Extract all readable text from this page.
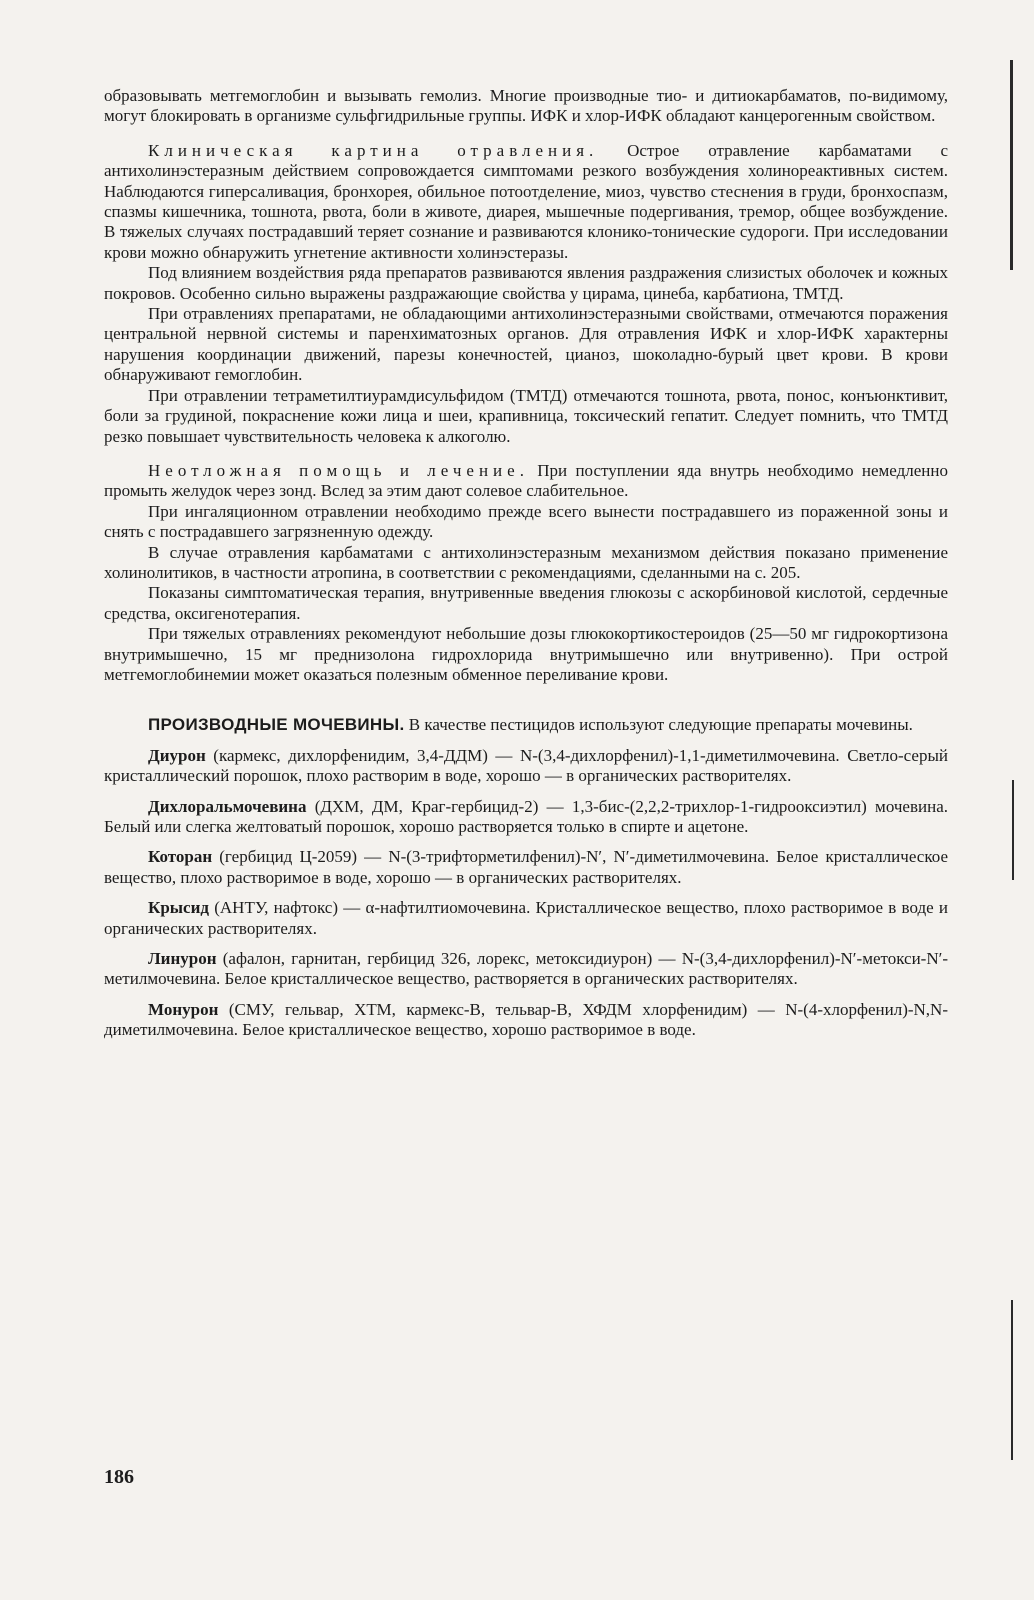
образовывать метгемоглобин и вызывать гемолиз. Многие производные тио- и дитиокарбаматов, по-видимому, могут блокировать в организме сульфгидрильные группы. ИФК и хлор-ИФК обладают канцерогенным свойством.

Клиническая картина отравления. Острое отравление карбаматами с антихолинэстеразным действием сопровождается симптомами резкого возбуждения холинореактивных систем. Наблюдаются гиперсаливация, бронхорея, обильное потоотделение, миоз, чувство стеснения в груди, бронхоспазм, спазмы кишечника, тошнота, рвота, боли в животе, диарея, мышечные подергивания, тремор, общее возбуждение. В тяжелых случаях пострадавший теряет сознание и развиваются клонико-тонические судороги. При исследовании крови можно обнаружить угнетение активности холинэстеразы.

Под влиянием воздействия ряда препаратов развиваются явления раздражения слизистых оболочек и кожных покровов. Особенно сильно выражены раздражающие свойства у цирама, цинеба, карбатиона, ТМТД.

При отравлениях препаратами, не обладающими антихолинэстеразными свойствами, отмечаются поражения центральной нервной системы и паренхиматозных органов. Для отравления ИФК и хлор-ИФК характерны нарушения координации движений, парезы конечностей, цианоз, шоколадно-бурый цвет крови. В крови обнаруживают гемоглобин.

При отравлении тетраметилтиурамдисульфидом (ТМТД) отмечаются тошнота, рвота, понос, конъюнктивит, боли за грудиной, покраснение кожи лица и шеи, крапивница, токсический гепатит. Следует помнить, что ТМТД резко повышает чувствительность человека к алкоголю.

Неотложная помощь и лечение. При поступлении яда внутрь необходимо немедленно промыть желудок через зонд. Вслед за этим дают солевое слабительное.

При ингаляционном отравлении необходимо прежде всего вынести пострадавшего из пораженной зоны и снять с пострадавшего загрязненную одежду.

В случае отравления карбаматами с антихолинэстеразным механизмом действия показано применение холинолитиков, в частности атропина, в соответствии с рекомендациями, сделанными на с. 205.

Показаны симптоматическая терапия, внутривенные введения глюкозы с аскорбиновой кислотой, сердечные средства, оксигенотерапия.

При тяжелых отравлениях рекомендуют небольшие дозы глюкокортикостероидов (25—50 мг гидрокортизона внутримышечно, 15 мг преднизолона гидрохлорида внутримышечно или внутривенно). При острой метгемоглобинемии может оказаться полезным обменное переливание крови.

ПРОИЗВОДНЫЕ МОЧЕВИНЫ. В качестве пестицидов используют следующие препараты мочевины.

Диурон (кармекс, дихлорфенидим, 3,4-ДДМ) — N-(3,4-дихлорфенил)-1,1-диметилмочевина. Светло-серый кристаллический порошок, плохо растворим в воде, хорошо — в органических растворителях.

Дихлоральмочевина (ДХМ, ДМ, Краг-гербицид-2) — 1,3-бис-(2,2,2-трихлор-1-гидрооксиэтил) мочевина. Белый или слегка желтоватый порошок, хорошо растворяется только в спирте и ацетоне.

Которан (гербицид Ц-2059) — N-(3-трифторметилфенил)-N′, N′-диметилмочевина. Белое кристаллическое вещество, плохо растворимое в воде, хорошо — в органических растворителях.

Крысид (АНТУ, нафтокс) — α-нафтилтиомочевина. Кристаллическое вещество, плохо растворимое в воде и органических растворителях.

Линурон (афалон, гарнитан, гербицид 326, лорекс, метоксидиурон) — N-(3,4-дихлорфенил)-N′-метокси-N′-метилмочевина. Белое кристаллическое вещество, растворяется в органических растворителях.

Монурон (СМУ, гельвар, ХТМ, кармекс-В, тельвар-В, ХФДМ хлорфенидим) — N-(4-хлорфенил)-N,N-диметилмочевина. Белое кристаллическое вещество, хорошо растворимое в воде.

186
